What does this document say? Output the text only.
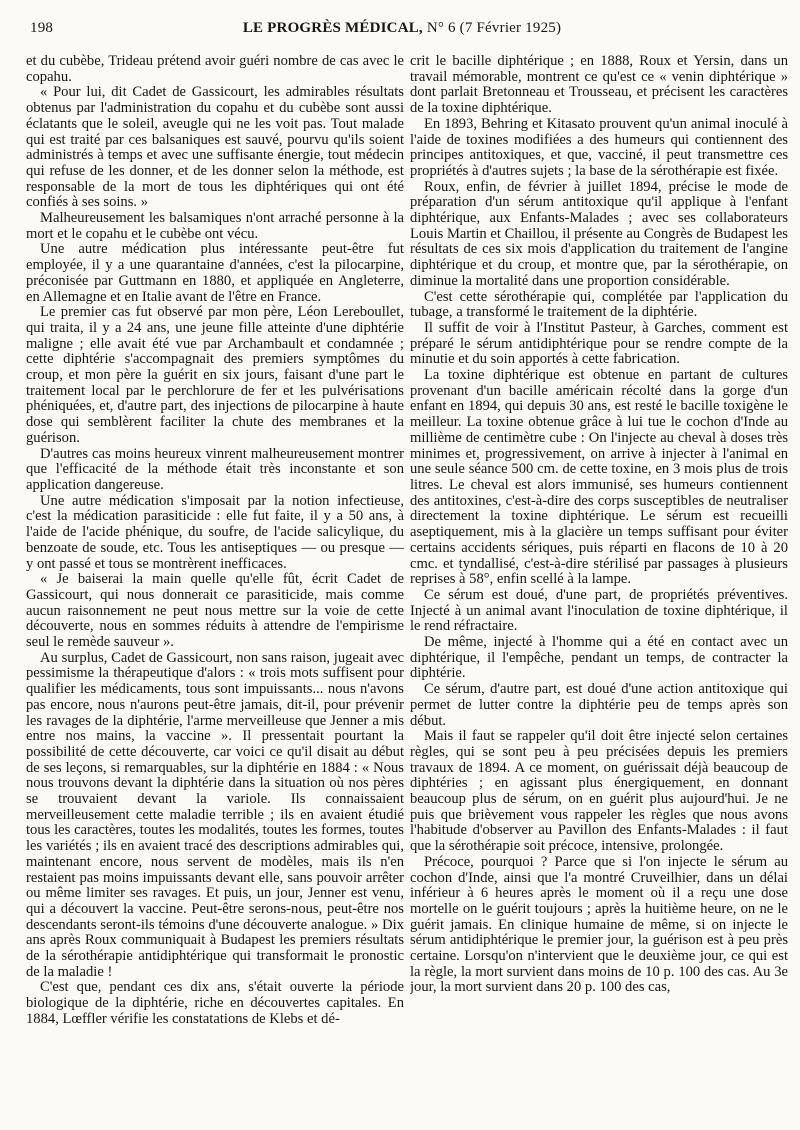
198	LE PROGRÈS MÉDICAL, N° 6 (7 Février 1925)

et du cubèbe, Trideau prétend avoir guéri nombre de cas avec le copahu.

« Pour lui, dit Cadet de Gassicourt, les admirables résultats obtenus par l'administration du copahu et du cubèbe sont aussi éclatants que le soleil, aveugle qui ne les voit pas. Tout malade qui est traité par ces balsaniques est sauvé, pourvu qu'ils soient administrés à temps et avec une suffisante énergie, tout médecin qui refuse de les donner, et de les donner selon la méthode, est responsable de la mort de tous les diphtériques qui ont été confiés à ses soins. »

Malheureusement les balsamiques n'ont arraché personne à la mort et le copahu et le cubèbe ont vécu.

Une autre médication plus intéressante peut-être fut employée, il y a une quarantaine d'années, c'est la pilocarpine, préconisée par Guttmann en 1880, et appliquée en Angleterre, en Allemagne et en Italie avant de l'être en France.

Le premier cas fut observé par mon père, Léon Lereboullet, qui traita, il y a 24 ans, une jeune fille atteinte d'une diphtérie maligne ; elle avait été vue par Archambault et condamnée ; cette diphtérie s'accompagnait des premiers symptômes du croup, et mon père la guérit en six jours, faisant d'une part le traitement local par le perchlorure de fer et les pulvérisations phéniquées, et, d'autre part, des injections de pilocarpine à haute dose qui semblèrent faciliter la chute des membranes et la guérison.

D'autres cas moins heureux vinrent malheureusement montrer que l'efficacité de la méthode était très inconstante et son application dangereuse.

Une autre médication s'imposait par la notion infectieuse, c'est la médication parasiticide : elle fut faite, il y a 50 ans, à l'aide de l'acide phénique, du soufre, de l'acide salicylique, du benzoate de soude, etc. Tous les antiseptiques — ou presque — y ont passé et tous se montrèrent inefficaces.

« Je baiserai la main quelle qu'elle fût, écrit Cadet de Gassicourt, qui nous donnerait ce parasiticide, mais comme aucun raisonnement ne peut nous mettre sur la voie de cette découverte, nous en sommes réduits à attendre de l'empirisme seul le remède sauveur ».

Au surplus, Cadet de Gassicourt, non sans raison, jugeait avec pessimisme la thérapeutique d'alors : « trois mots suffisent pour qualifier les médicaments, tous sont impuissants... nous n'avons pas encore, nous n'aurons peut-être jamais, dit-il, pour prévenir les ravages de la diphtérie, l'arme merveilleuse que Jenner a mis entre nos mains, la vaccine ». Il pressentait pourtant la possibilité de cette découverte, car voici ce qu'il disait au début de ses leçons, si remarquables, sur la diphtérie en 1884 : « Nous nous trouvons devant la diphtérie dans la situation où nos pères se trouvaient devant la variole. Ils connaissaient merveilleusement cette maladie terrible ; ils en avaient étudié tous les caractères, toutes les modalités, toutes les formes, toutes les variétés ; ils en avaient tracé des descriptions admirables qui, maintenant encore, nous servent de modèles, mais ils n'en restaient pas moins impuissants devant elle, sans pouvoir arrêter ou même limiter ses ravages. Et puis, un jour, Jenner est venu, qui a découvert la vaccine. Peut-être serons-nous, peut-être nos descendants seront-ils témoins d'une découverte analogue. » Dix ans après Roux communiquait à Budapest les premiers résultats de la sérothérapie antidiphtérique qui transformait le pronostic de la maladie !

C'est que, pendant ces dix ans, s'était ouverte la période biologique de la diphtérie, riche en découvertes capitales. En 1884, Lœffler vérifie les constatations de Klebs et dé-

crit le bacille diphtérique ; en 1888, Roux et Yersin, dans un travail mémorable, montrent ce qu'est ce « venin diphtérique » dont parlait Bretonneau et Trousseau, et précisent les caractères de la toxine diphtérique.

En 1893, Behring et Kitasato prouvent qu'un animal inoculé à l'aide de toxines modifiées a des humeurs qui contiennent des principes antitoxiques, et que, vacciné, il peut transmettre ces propriétés à d'autres sujets ; la base de la sérothérapie est fixée.

Roux, enfin, de février à juillet 1894, précise le mode de préparation d'un sérum antitoxique qu'il applique à l'enfant diphtérique, aux Enfants-Malades ; avec ses collaborateurs Louis Martin et Chaillou, il présente au Congrès de Budapest les résultats de ces six mois d'application du traitement de l'angine diphtérique et du croup, et montre que, par la sérothérapie, on diminue la mortalité dans une proportion considérable.

C'est cette sérothérapie qui, complétée par l'application du tubage, a transformé le traitement de la diphtérie.

Il suffit de voir à l'Institut Pasteur, à Garches, comment est préparé le sérum antidiphtérique pour se rendre compte de la minutie et du soin apportés à cette fabrication.

La toxine diphtérique est obtenue en partant de cultures provenant d'un bacille américain récolté dans la gorge d'un enfant en 1894, qui depuis 30 ans, est resté le bacille toxigène le meilleur. La toxine obtenue grâce à lui tue le cochon d'Inde au millième de centimètre cube : On l'injecte au cheval à doses très minimes et, progressivement, on arrive à injecter à l'animal en une seule séance 500 cm. de cette toxine, en 3 mois plus de trois litres. Le cheval est alors immunisé, ses humeurs contiennent des antitoxines, c'est-à-dire des corps susceptibles de neutraliser directement la toxine diphtérique. Le sérum est recueilli aseptiquement, mis à la glacière un temps suffisant pour éviter certains accidents sériques, puis réparti en flacons de 10 à 20 cmc. et tyndallisé, c'est-à-dire stérilisé par passages à plusieurs reprises à 58°, enfin scellé à la lampe.

Ce sérum est doué, d'une part, de propriétés préventives. Injecté à un animal avant l'inoculation de toxine diphtérique, il le rend réfractaire.

De même, injecté à l'homme qui a été en contact avec un diphtérique, il l'empêche, pendant un temps, de contracter la diphtérie.

Ce sérum, d'autre part, est doué d'une action antitoxique qui permet de lutter contre la diphtérie peu de temps après son début.

Mais il faut se rappeler qu'il doit être injecté selon certaines règles, qui se sont peu à peu précisées depuis les premiers travaux de 1894. A ce moment, on guérissait déjà beaucoup de diphtéries ; en agissant plus énergiquement, en donnant beaucoup plus de sérum, on en guérit plus aujourd'hui. Je ne puis que brièvement vous rappeler les règles que nous avons l'habitude d'observer au Pavillon des Enfants-Malades : il faut que la sérothérapie soit précoce, intensive, prolongée.

Précoce, pourquoi ? Parce que si l'on injecte le sérum au cochon d'Inde, ainsi que l'a montré Cruveilhier, dans un délai inférieur à 6 heures après le moment où il a reçu une dose mortelle on le guérit toujours ; après la huitième heure, on ne le guérit jamais. En clinique humaine de même, si on injecte le sérum antidiphtérique le premier jour, la guérison est à peu près certaine. Lorsqu'on n'intervient que le deuxième jour, ce qui est la règle, la mort survient dans moins de 10 p. 100 des cas. Au 3e jour, la mort survient dans 20 p. 100 des cas,
